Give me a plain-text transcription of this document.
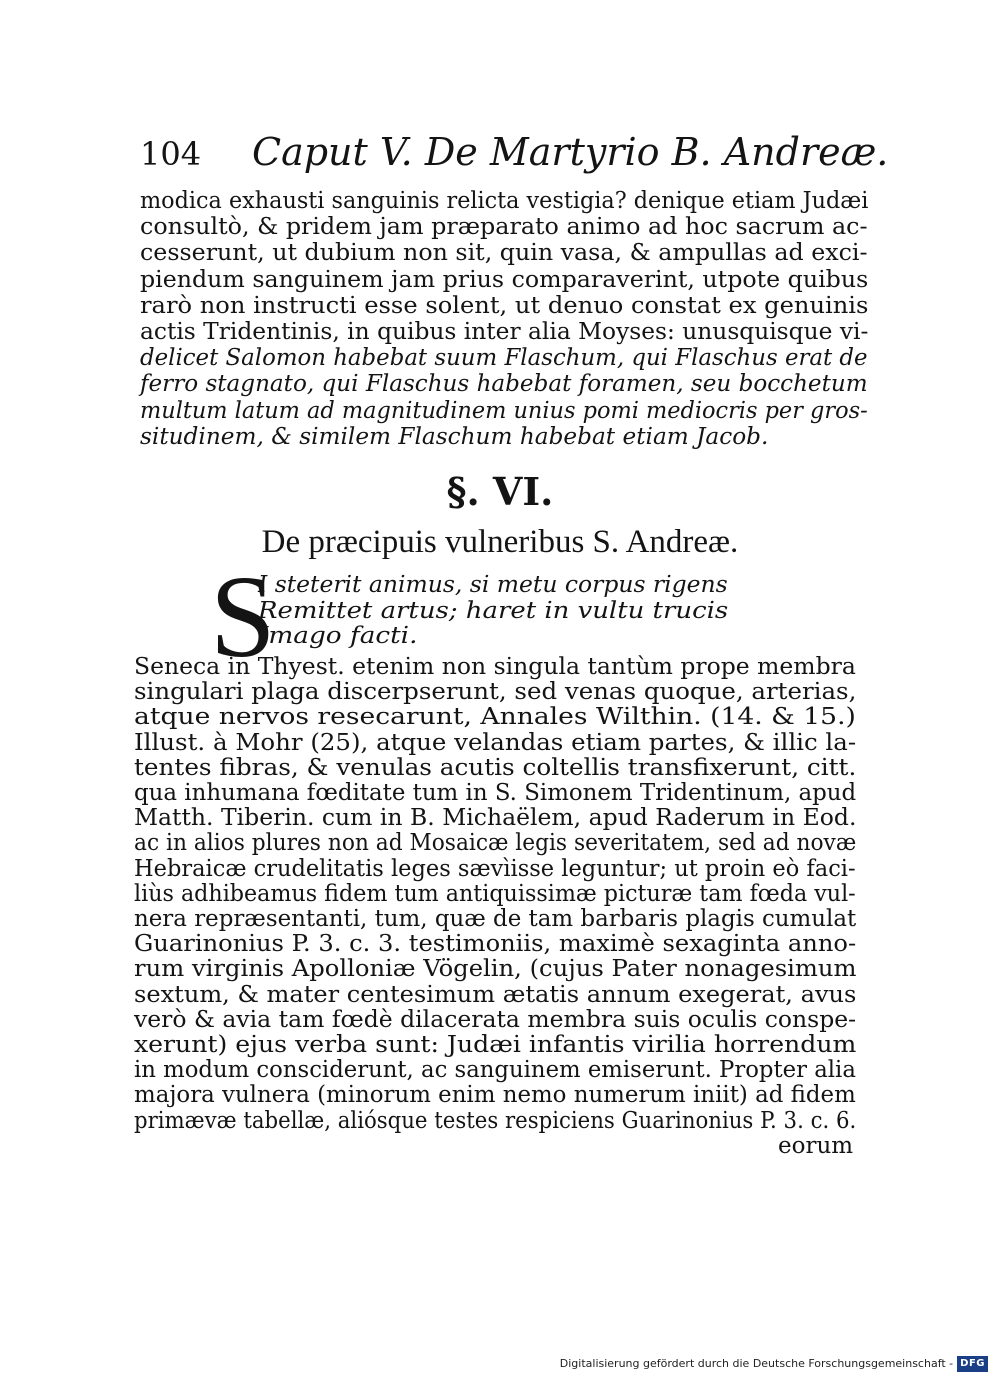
104 Caput V. De Martyrio B. Andreæ.
modica exhausti sanguinis relicta vestigia? denique etiam Judæi
consultò, & pridem jam præparato animo ad hoc sacrum ac-
cesserunt, ut dubium non sit, quin vasa, & ampullas ad exci-
piendum sanguinem jam prius comparaverint, utpote quibus
rarò non instructi esse solent, ut denuo constat ex genuinis
actis Tridentinis, in quibus inter alia Moyses: unusquisque vi-
delicet Salomon habebat suum Flaschum, qui Flaschus erat de
ferro stagnato, qui Flaschus habebat foramen, seu bocchetum
multum latum ad magnitudinem unius pomi mediocris per gros-
situdinem, & similem Flaschum habebat etiam Jacob.
§. VI.
De præcipuis vulneribus S. Andreæ.
S
I steterit animus, si metu corpus rigens
Remittet artus; haret in vultu trucis
Imago facti.
Seneca in Thyest. etenim non singula tantùm prope membra
singulari plaga discerpserunt, sed venas quoque, arterias,
atque nervos resecarunt, Annales Wilthin. (14. & 15.)
Illust. à Mohr (25), atque velandas etiam partes, & illic la-
tentes fibras, & venulas acutis coltellis transfixerunt, citt.
qua inhumana fœditate tum in S. Simonem Tridentinum, apud
Matth. Tiberin. cum in B. Michaëlem, apud Raderum in Eod.
ac in alios plures non ad Mosaicæ legis severitatem, sed ad novæ
Hebraicæ crudelitatis leges sævìisse leguntur; ut proin eò faci-
liùs adhibeamus fidem tum antiquissimæ picturæ tam fœda vul-
nera repræsentanti, tum, quæ de tam barbaris plagis cumulat
Guarinonius P. 3. c. 3. testimoniis, maximè sexaginta anno-
rum virginis Apolloniæ Vögelin, (cujus Pater nonagesimum
sextum, & mater centesimum ætatis annum exegerat, avus
verò & avia tam fœdè dilacerata membra suis oculis conspe-
xerunt) ejus verba sunt: Judæi infantis virilia horrendum
in modum consciderunt, ac sanguinem emiserunt. Propter alia
majora vulnera (minorum enim nemo numerum iniit) ad fidem
primævæ tabellæ, aliósque testes respiciens Guarinonius P. 3. c. 6.
eorum
Digitalisierung gefördert durch die Deutsche Forschungsgemeinschaft - DFG
